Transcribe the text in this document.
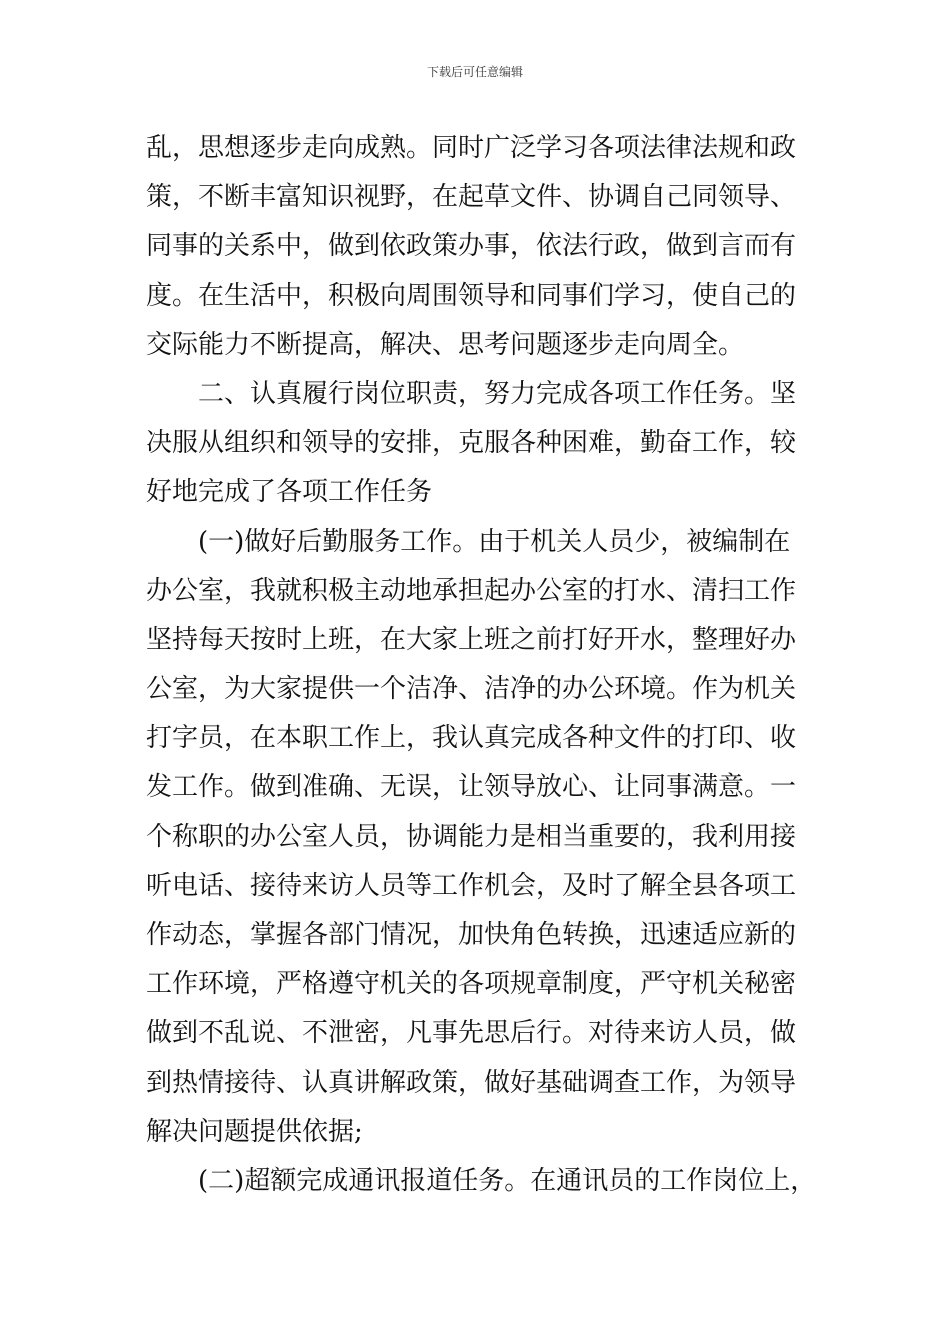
下载后可任意编辑
乱，思想逐步走向成熟。同时广泛学习各项法律法规和政
策，不断丰富知识视野，在起草文件、协调自己同领导、
同事的关系中，做到依政策办事，依法行政，做到言而有
度。在生活中，积极向周围领导和同事们学习，使自己的
交际能力不断提高，解决、思考问题逐步走向周全。
二、认真履行岗位职责，努力完成各项工作任务。坚
决服从组织和领导的安排，克服各种困难，勤奋工作，较
好地完成了各项工作任务
(一)做好后勤服务工作。由于机关人员少，被编制在
办公室，我就积极主动地承担起办公室的打水、清扫工作
坚持每天按时上班，在大家上班之前打好开水，整理好办
公室，为大家提供一个洁净、洁净的办公环境。作为机关
打字员，在本职工作上，我认真完成各种文件的打印、收
发工作。做到准确、无误，让领导放心、让同事满意。一
个称职的办公室人员，协调能力是相当重要的，我利用接
听电话、接待来访人员等工作机会，及时了解全县各项工
作动态，掌握各部门情况，加快角色转换，迅速适应新的
工作环境，严格遵守机关的各项规章制度，严守机关秘密
做到不乱说、不泄密，凡事先思后行。对待来访人员，做
到热情接待、认真讲解政策，做好基础调查工作，为领导
解决问题提供依据;
(二)超额完成通讯报道任务。在通讯员的工作岗位上，
